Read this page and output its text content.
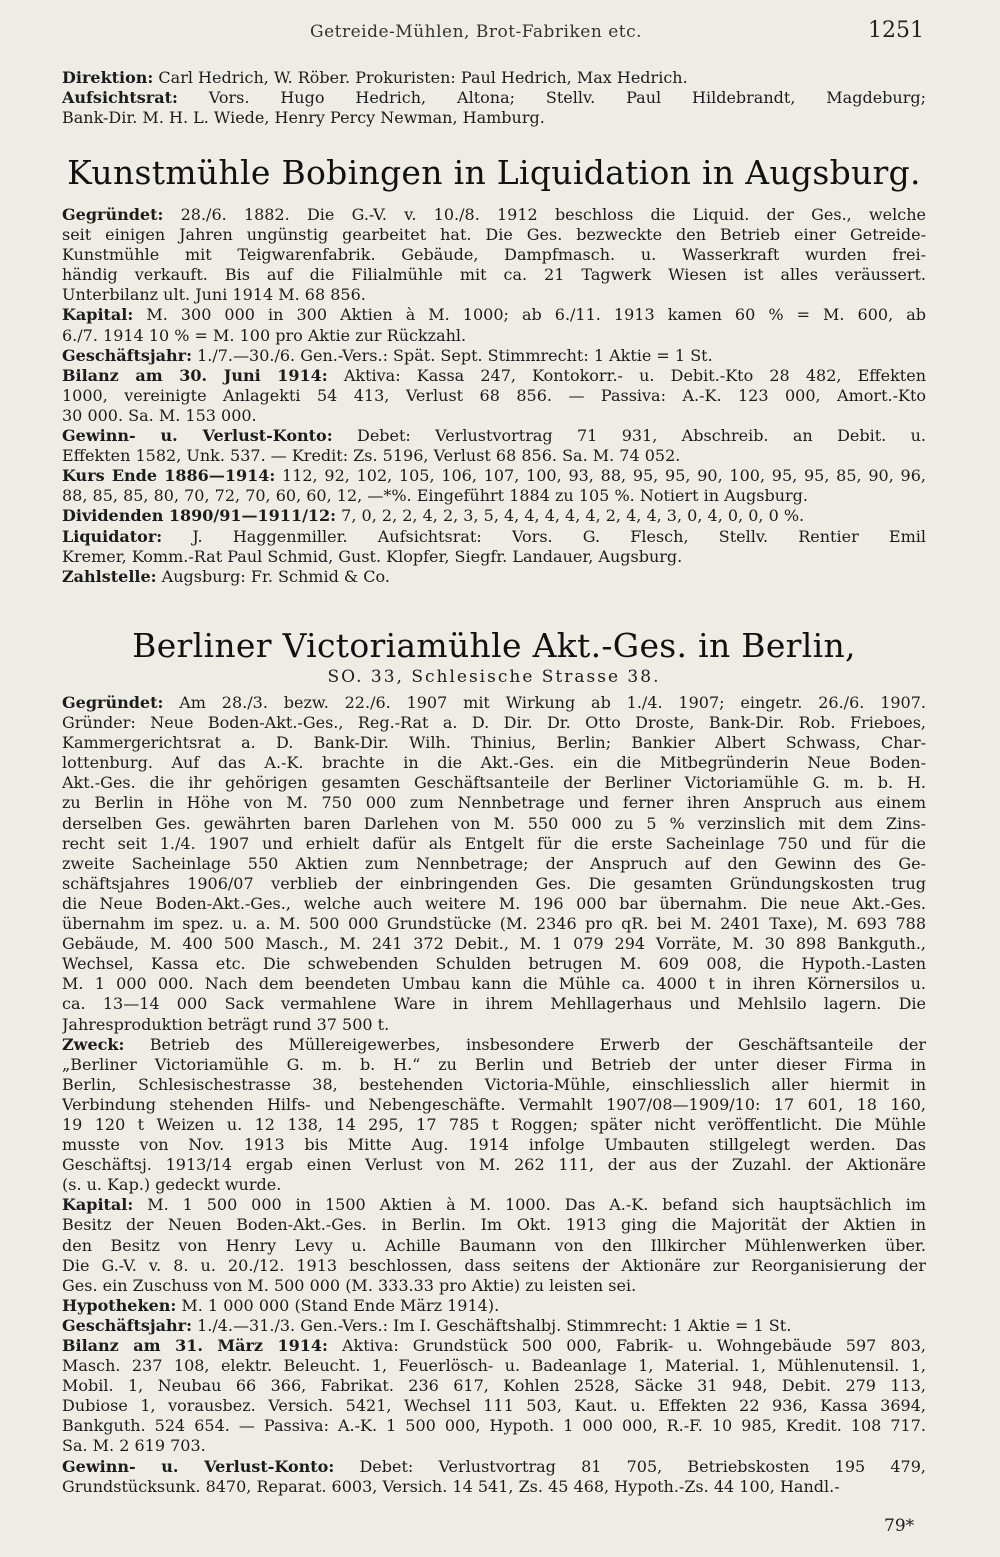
Getreide-Mühlen, Brot-Fabriken etc.	1251
Direktion: Carl Hedrich, W. Röber. Prokuristen: Paul Hedrich, Max Hedrich.
Aufsichtsrat: Vors. Hugo Hedrich, Altona; Stellv. Paul Hildebrandt, Magdeburg;
Bank-Dir. M. H. L. Wiede, Henry Percy Newman, Hamburg.
Kunstmühle Bobingen in Liquidation in Augsburg.
Gegründet: 28./6. 1882. Die G.-V. v. 10./8. 1912 beschloss die Liquid. der Ges., welche
seit einigen Jahren ungünstig gearbeitet hat. Die Ges. bezweckte den Betrieb einer Getreide-
Kunstmühle mit Teigwarenfabrik. Gebäude, Dampfmasch. u. Wasserkraft wurden frei-
händig verkauft. Bis auf die Filialmühle mit ca. 21 Tagwerk Wiesen ist alles veräussert.
Unterbilanz ult. Juni 1914 M. 68 856.
Kapital: M. 300 000 in 300 Aktien à M. 1000; ab 6./11. 1913 kamen 60 % = M. 600, ab
6./7. 1914 10 % = M. 100 pro Aktie zur Rückzahl.
Geschäftsjahr: 1./7.—30./6. Gen.-Vers.: Spät. Sept. Stimmrecht: 1 Aktie = 1 St.
Bilanz am 30. Juni 1914: Aktiva: Kassa 247, Kontokorr.- u. Debit.-Kto 28 482, Effekten
1000, vereinigte Anlagekti 54 413, Verlust 68 856. — Passiva: A.-K. 123 000, Amort.-Kto
30 000. Sa. M. 153 000.
Gewinn- u. Verlust-Konto: Debet: Verlustvortrag 71 931, Abschreib. an Debit. u.
Effekten 1582, Unk. 537. — Kredit: Zs. 5196, Verlust 68 856. Sa. M. 74 052.
Kurs Ende 1886—1914: 112, 92, 102, 105, 106, 107, 100, 93, 88, 95, 95, 90, 100, 95, 95, 85, 90, 96,
88, 85, 85, 80, 70, 72, 70, 60, 60, 12, —*%. Eingeführt 1884 zu 105 %. Notiert in Augsburg.
Dividenden 1890/91—1911/12: 7, 0, 2, 2, 4, 2, 3, 5, 4, 4, 4, 4, 4, 2, 4, 4, 3, 0, 4, 0, 0, 0 %.
Liquidator: J. Haggenmiller. Aufsichtsrat: Vors. G. Flesch, Stellv. Rentier Emil
Kremer, Komm.-Rat Paul Schmid, Gust. Klopfer, Siegfr. Landauer, Augsburg.
Zahlstelle: Augsburg: Fr. Schmid & Co.
Berliner Victoriamühle Akt.-Ges. in Berlin,
SO. 33, Schlesische Strasse 38.
Gegründet: Am 28./3. bezw. 22./6. 1907 mit Wirkung ab 1./4. 1907; eingetr. 26./6. 1907.
Gründer: Neue Boden-Akt.-Ges., Reg.-Rat a. D. Dir. Dr. Otto Droste, Bank-Dir. Rob. Frieboes,
Kammergerichtsrat a. D. Bank-Dir. Wilh. Thinius, Berlin; Bankier Albert Schwass, Char-
lottenburg. Auf das A.-K. brachte in die Akt.-Ges. ein die Mitbegründerin Neue Boden-
Akt.-Ges. die ihr gehörigen gesamten Geschäftsanteile der Berliner Victoriamühle G. m. b. H.
zu Berlin in Höhe von M. 750 000 zum Nennbetrage und ferner ihren Anspruch aus einem
derselben Ges. gewährten baren Darlehen von M. 550 000 zu 5 % verzinslich mit dem Zins-
recht seit 1./4. 1907 und erhielt dafür als Entgelt für die erste Sacheinlage 750 und für die
zweite Sacheinlage 550 Aktien zum Nennbetrage; der Anspruch auf den Gewinn des Ge-
schäftsjahres 1906/07 verblieb der einbringenden Ges. Die gesamten Gründungskosten trug
die Neue Boden-Akt.-Ges., welche auch weitere M. 196 000 bar übernahm. Die neue Akt.-Ges.
übernahm im spez. u. a. M. 500 000 Grundstücke (M. 2346 pro qR. bei M. 2401 Taxe), M. 693 788
Gebäude, M. 400 500 Masch., M. 241 372 Debit., M. 1 079 294 Vorräte, M. 30 898 Bankguth.,
Wechsel, Kassa etc. Die schwebenden Schulden betrugen M. 609 008, die Hypoth.-Lasten
M. 1 000 000. Nach dem beendeten Umbau kann die Mühle ca. 4000 t in ihren Körnersilos u.
ca. 13—14 000 Sack vermahlene Ware in ihrem Mehllagerhaus und Mehlsilo lagern. Die
Jahresproduktion beträgt rund 37 500 t.
Zweck: Betrieb des Müllereigewerbes, insbesondere Erwerb der Geschäftsanteile der
„Berliner Victoriamühle G. m. b. H.“ zu Berlin und Betrieb der unter dieser Firma in
Berlin, Schlesischestrasse 38, bestehenden Victoria-Mühle, einschliesslich aller hiermit in
Verbindung stehenden Hilfs- und Nebengeschäfte. Vermahlt 1907/08—1909/10: 17 601, 18 160,
19 120 t Weizen u. 12 138, 14 295, 17 785 t Roggen; später nicht veröffentlicht. Die Mühle
musste von Nov. 1913 bis Mitte Aug. 1914 infolge Umbauten stillgelegt werden. Das
Geschäftsj. 1913/14 ergab einen Verlust von M. 262 111, der aus der Zuzahl. der Aktionäre
(s. u. Kap.) gedeckt wurde.
Kapital: M. 1 500 000 in 1500 Aktien à M. 1000. Das A.-K. befand sich hauptsächlich im
Besitz der Neuen Boden-Akt.-Ges. in Berlin. Im Okt. 1913 ging die Majorität der Aktien in
den Besitz von Henry Levy u. Achille Baumann von den Illkircher Mühlenwerken über.
Die G.-V. v. 8. u. 20./12. 1913 beschlossen, dass seitens der Aktionäre zur Reorganisierung der
Ges. ein Zuschuss von M. 500 000 (M. 333.33 pro Aktie) zu leisten sei.
Hypotheken: M. 1 000 000 (Stand Ende März 1914).
Geschäftsjahr: 1./4.—31./3. Gen.-Vers.: Im I. Geschäftshalbj. Stimmrecht: 1 Aktie = 1 St.
Bilanz am 31. März 1914: Aktiva: Grundstück 500 000, Fabrik- u. Wohngebäude 597 803,
Masch. 237 108, elektr. Beleucht. 1, Feuerlösch- u. Badeanlage 1, Material. 1, Mühlenutensil. 1,
Mobil. 1, Neubau 66 366, Fabrikat. 236 617, Kohlen 2528, Säcke 31 948, Debit. 279 113,
Dubiose 1, vorausbez. Versich. 5421, Wechsel 111 503, Kaut. u. Effekten 22 936, Kassa 3694,
Bankguth. 524 654. — Passiva: A.-K. 1 500 000, Hypoth. 1 000 000, R.-F. 10 985, Kredit. 108 717.
Sa. M. 2 619 703.
Gewinn- u. Verlust-Konto: Debet: Verlustvortrag 81 705, Betriebskosten 195 479,
Grundstücksunk. 8470, Reparat. 6003, Versich. 14 541, Zs. 45 468, Hypoth.-Zs. 44 100, Handl.-
79*
